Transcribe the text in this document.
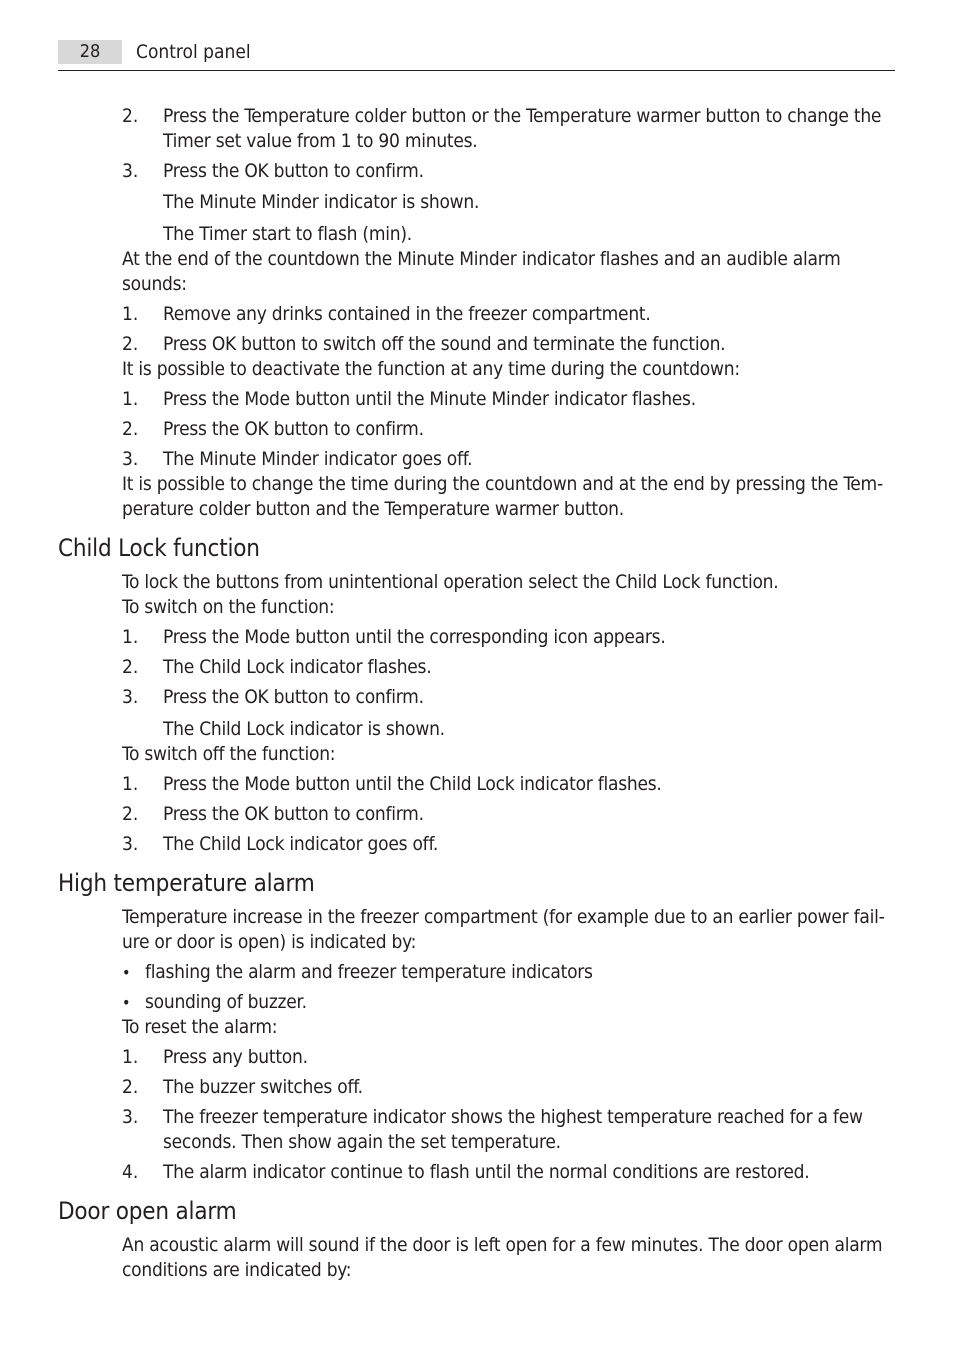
28	Control panel
2. Press the Temperature colder button or the Temperature warmer button to change the
Timer set value from 1 to 90 minutes.
3. Press the OK button to confirm.
The Minute Minder indicator is shown.
The Timer start to flash (min).
At the end of the countdown the Minute Minder indicator flashes and an audible alarm
sounds:
1. Remove any drinks contained in the freezer compartment.
2. Press OK button to switch off the sound and terminate the function.
It is possible to deactivate the function at any time during the countdown:
1. Press the Mode button until the Minute Minder indicator flashes.
2. Press the OK button to confirm.
3. The Minute Minder indicator goes off.
It is possible to change the time during the countdown and at the end by pressing the Tem-
perature colder button and the Temperature warmer button.
Child Lock function
To lock the buttons from unintentional operation select the Child Lock function.
To switch on the function:
1. Press the Mode button until the corresponding icon appears.
2. The Child Lock indicator flashes.
3. Press the OK button to confirm.
The Child Lock indicator is shown.
To switch off the function:
1. Press the Mode button until the Child Lock indicator flashes.
2. Press the OK button to confirm.
3. The Child Lock indicator goes off.
High temperature alarm
Temperature increase in the freezer compartment (for example due to an earlier power fail-
ure or door is open) is indicated by:
• flashing the alarm and freezer temperature indicators
• sounding of buzzer.
To reset the alarm:
1. Press any button.
2. The buzzer switches off.
3. The freezer temperature indicator shows the highest temperature reached for a few
seconds. Then show again the set temperature.
4. The alarm indicator continue to flash until the normal conditions are restored.
Door open alarm
An acoustic alarm will sound if the door is left open for a few minutes. The door open alarm
conditions are indicated by:
